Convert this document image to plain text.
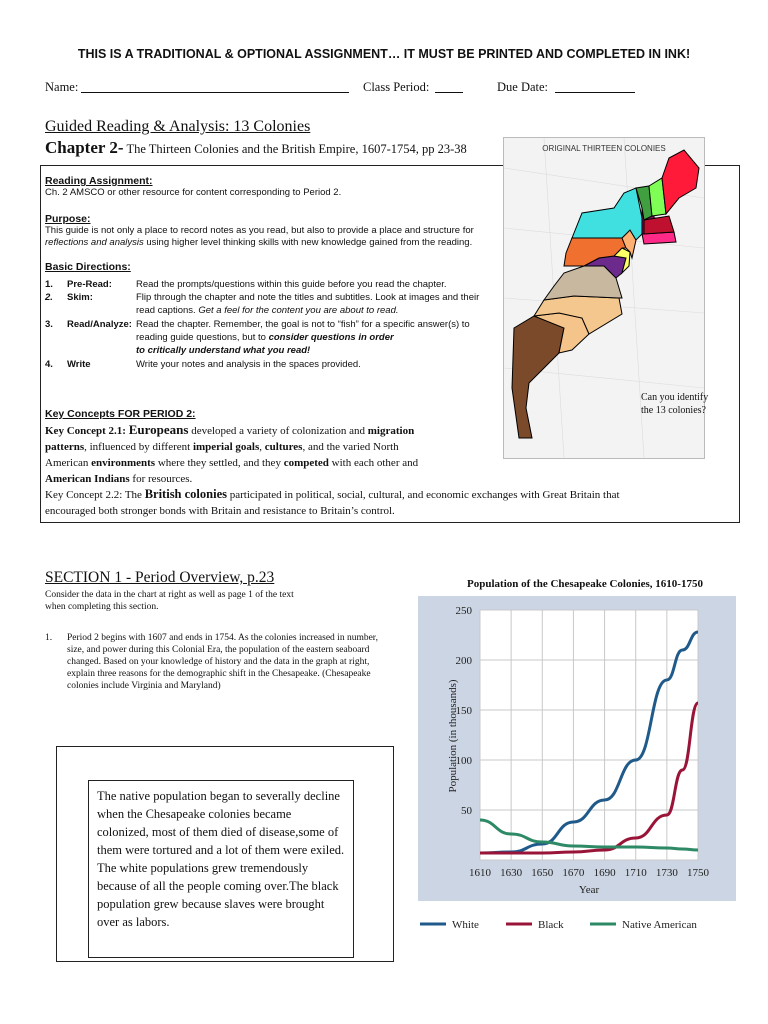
THIS IS A TRADITIONAL & OPTIONAL ASSIGNMENT… IT MUST BE PRINTED AND COMPLETED IN INK!
Name:	Class Period:	Due Date:
Guided Reading & Analysis: 13 Colonies
Chapter 2- The Thirteen Colonies and the British Empire, 1607-1754, pp 23-38
Reading Assignment:
Ch. 2 AMSCO or other resource for content corresponding to Period 2.
Purpose:
This guide is not only a place to record notes as you read, but also to provide a place and structure for
reflections and analysis using higher level thinking skills with new knowledge gained from the reading.
Basic Directions:
1. Pre-Read:	Read the prompts/questions within this guide before you read the chapter.
2. Skim:	Flip through the chapter and note the titles and subtitles. Look at images and their
read captions. Get a feel for the content you are about to read.
3. Read/Analyze: Read the chapter. Remember, the goal is not to “fish” for a specific answer(s) to
reading guide questions, but to consider questions in order
to critically understand what you read!
4. Write	Write your notes and analysis in the spaces provided.
Key Concepts FOR PERIOD 2:
Key Concept 2.1: Europeans developed a variety of colonization and migration
patterns, influenced by different imperial goals, cultures, and the varied North
American environments where they settled, and they competed with each other and
American Indians for resources.
Key Concept 2.2: The British colonies participated in political, social, cultural, and economic exchanges with Great Britain that
encouraged both stronger bonds with Britain and resistance to Britain’s control.
ORIGINAL THIRTEEN COLONIES
Can you identify the 13 colonies?
SECTION 1 - Period Overview, p.23
Consider the data in the chart at right as well as page 1 of the text when completing this section.
1. Period 2 begins with 1607 and ends in 1754. As the colonies increased in number, size, and power during this Colonial Era, the population of the eastern seaboard changed. Based on your knowledge of history and the data in the graph at right, explain three reasons for the demographic shift in the Chesapeake. (Chesapeake colonies include Virginia and Maryland)
The native population began to severally decline when the Chesapeake colonies became colonized, most of them died of disease,some of them were tortured and a lot of them were exiled. The white populations grew tremendously because of all the people coming over.The black population grew because slaves were brought over as labors.
Population of the Chesapeake Colonies, 1610-1750
50
100
150
200
250
1610 1630 1650 1670 1690 1710 1730 1750
Population (in thousands)
Year
White	Black	Native American
